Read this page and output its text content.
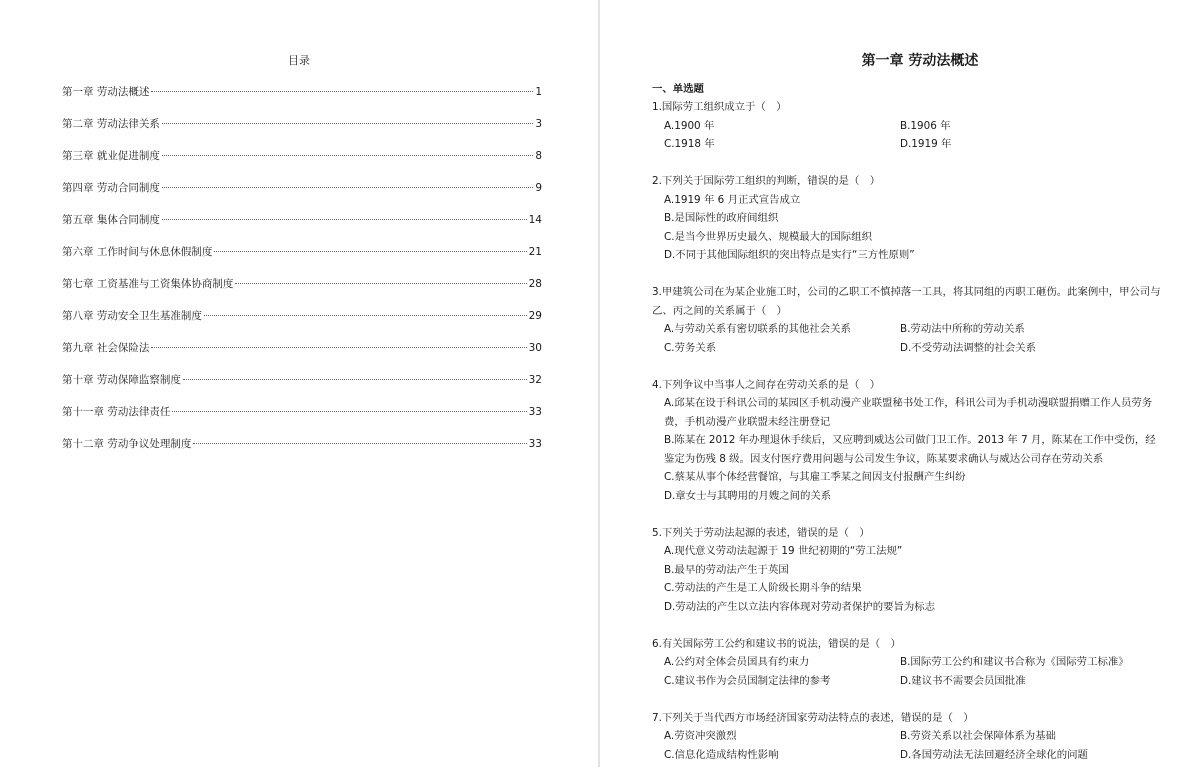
目录
第一章 劳动法概述	1
第二章 劳动法律关系	3
第三章 就业促进制度	8
第四章 劳动合同制度	9
第五章 集体合同制度	14
第六章 工作时间与休息休假制度	21
第七章 工资基准与工资集体协商制度	28
第八章 劳动安全卫生基准制度	29
第九章 社会保险法	30
第十章 劳动保障监察制度	32
第十一章 劳动法律责任	33
第十二章 劳动争议处理制度	33
第一章 劳动法概述
一、单选题
1.国际劳工组织成立于（　）
A.1900 年	B.1906 年
C.1918 年	D.1919 年
2.下列关于国际劳工组织的判断，错误的是（　）
A.1919 年 6 月正式宣告成立
B.是国际性的政府间组织
C.是当今世界历史最久、规模最大的国际组织
D.不同于其他国际组织的突出特点是实行“三方性原则”
3.甲建筑公司在为某企业施工时，公司的乙职工不慎掉落一工具，将其同组的丙职工砸伤。此案例中，甲公司与乙、丙之间的关系属于（　）
A.与劳动关系有密切联系的其他社会关系	B.劳动法中所称的劳动关系
C.劳务关系	D.不受劳动法调整的社会关系
4.下列争议中当事人之间存在劳动关系的是（　）
A.邱某在设于科讯公司的某园区手机动漫产业联盟秘书处工作，科讯公司为手机动漫联盟捐赠工作人员劳务费，手机动漫产业联盟未经注册登记
B.陈某在 2012 年办理退休手续后，又应聘到威达公司做门卫工作。2013 年 7 月，陈某在工作中受伤，经鉴定为伤残 8 级。因支付医疗费用问题与公司发生争议，陈某要求确认与威达公司存在劳动关系
C.蔡某从事个体经营餐馆，与其雇工季某之间因支付报酬产生纠纷
D.章女士与其聘用的月嫂之间的关系
5.下列关于劳动法起源的表述，错误的是（　）
A.现代意义劳动法起源于 19 世纪初期的“劳工法规”
B.最早的劳动法产生于英国
C.劳动法的产生是工人阶级长期斗争的结果
D.劳动法的产生以立法内容体现对劳动者保护的要旨为标志
6.有关国际劳工公约和建议书的说法，错误的是（　）
A.公约对全体会员国具有约束力	B.国际劳工公约和建议书合称为《国际劳工标准》
C.建议书作为会员国制定法律的参考	D.建议书不需要会员国批准
7.下列关于当代西方市场经济国家劳动法特点的表述，错误的是（　）
A.劳资冲突激烈	B.劳资关系以社会保障体系为基础
C.信息化造成结构性影响	D.各国劳动法无法回避经济全球化的问题
